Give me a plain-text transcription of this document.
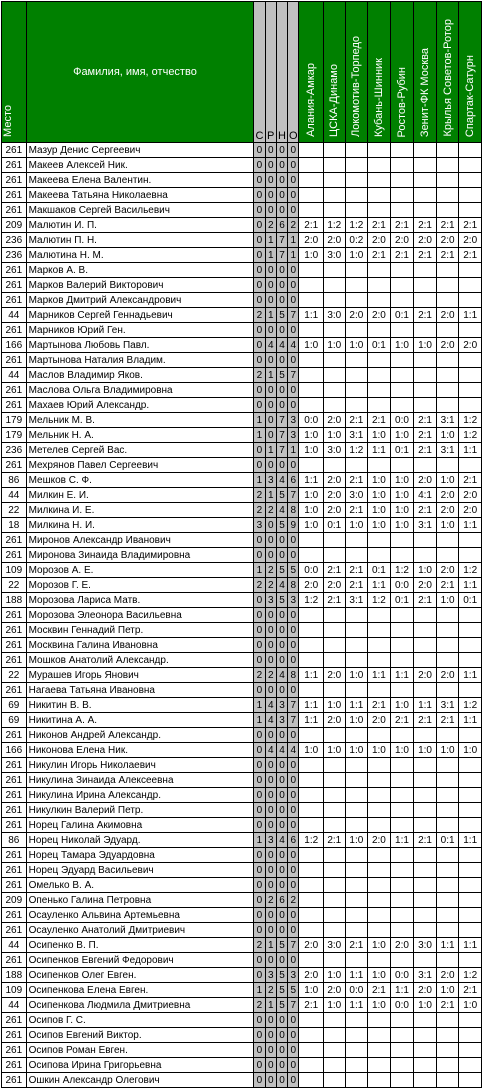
Место	Фамилия, имя, отчество	С	Р	Н	О	Алания-Амкар	ЦСКА-Динамо	Локомотив-Торпедо	Кубань-Шинник	Ростов-Рубин	Зенит-ФК Москва	Крылья Советов-Ротор	Спартак-Сатурн
261	Мазур Денис Сергеевич	0	0	0	0								
261	Макеев Алексей Ник.	0	0	0	0								
261	Макеева Елена Валентин.	0	0	0	0								
261	Макеева Татьяна Николаевна	0	0	0	0								
261	Макшаков Сергей Васильевич	0	0	0	0								
209	Малютин И. П.	0	2	6	2	2:1	1:2	1:2	2:1	2:1	2:1	2:1	2:1
236	Малютин П. Н.	0	1	7	1	2:0	2:0	0:2	2:0	2:0	2:0	2:0	2:0
236	Малютина Н. М.	0	1	7	1	1:0	3:0	1:0	2:1	2:1	2:1	2:1	2:1
261	Марков А. В.	0	0	0	0								
261	Марков Валерий Викторович	0	0	0	0								
261	Марков Дмитрий Александрович	0	0	0	0								
44	Марников Сергей Геннадьевич	2	1	5	7	1:1	3:0	2:0	2:0	0:1	2:1	2:0	1:1
261	Марников Юрий Ген.	0	0	0	0								
166	Мартынова Любовь Павл.	0	4	4	4	1:0	1:0	1:0	0:1	1:0	1:0	2:0	2:0
261	Мартынова Наталия Владим.	0	0	0	0								
44	Маслов Владимир Яков.	2	1	5	7								
261	Маслова Ольга Владимировна	0	0	0	0								
261	Махаев Юрий Александр.	0	0	0	0								
179	Мельник М. В.	1	0	7	3	0:0	2:0	2:1	2:1	0:0	2:1	3:1	1:2
179	Мельник Н. А.	1	0	7	3	1:0	1:0	3:1	1:0	1:0	2:1	1:0	1:2
236	Метелев Сергей Вас.	0	1	7	1	1:0	3:0	1:2	1:1	0:1	2:1	3:1	1:1
261	Мехрянов Павел Сергеевич	0	0	0	0								
86	Мешков С. Ф.	1	3	4	6	1:1	2:0	2:1	1:0	1:0	2:0	1:0	2:1
44	Милкин Е. И.	2	1	5	7	1:0	2:0	3:0	1:0	1:0	4:1	2:0	2:0
22	Милкина И. Е.	2	2	4	8	1:0	2:0	2:1	1:0	1:0	2:1	2:0	2:0
18	Милкина Н. И.	3	0	5	9	1:0	0:1	1:0	1:0	1:0	3:1	1:0	1:1
261	Миронов Александр Иванович	0	0	0	0								
261	Миронова Зинаида Владимировна	0	0	0	0								
109	Морозов А. Е.	1	2	5	5	0:0	2:1	2:1	0:1	1:2	1:0	2:0	1:2
22	Морозов Г. Е.	2	2	4	8	2:0	2:0	2:1	1:1	0:0	2:0	2:1	1:1
188	Морозова Лариса Матв.	0	3	5	3	1:2	2:1	3:1	1:2	0:1	2:1	1:0	0:1
261	Морозова Элеонора Васильевна	0	0	0	0								
261	Москвин Геннадий Петр.	0	0	0	0								
261	Москвина Галина Ивановна	0	0	0	0								
261	Мошков Анатолий Александр.	0	0	0	0								
22	Мурашев Игорь Янович	2	2	4	8	1:1	2:0	1:0	1:1	1:1	2:0	2:0	1:1
261	Нагаева Татьяна Ивановна	0	0	0	0								
69	Никитин В. В.	1	4	3	7	1:1	1:0	1:1	2:1	1:0	1:1	3:1	1:2
69	Никитина А. А.	1	4	3	7	1:1	2:0	1:0	2:0	2:1	2:1	2:1	1:1
261	Никонов Андрей Александр.	0	0	0	0								
166	Никонова Елена Ник.	0	4	4	4	1:0	1:0	1:0	1:0	1:0	1:0	1:0	1:0
261	Никулин Игорь Николаевич	0	0	0	0								
261	Никулина Зинаида Алексеевна	0	0	0	0								
261	Никулина Ирина Александр.	0	0	0	0								
261	Никулкин Валерий Петр.	0	0	0	0								
261	Норец Галина Акимовна	0	0	0	0								
86	Норец Николай Эдуард.	1	3	4	6	1:2	2:1	1:0	2:0	1:1	2:1	0:1	1:1
261	Норец Тамара Эдуардовна	0	0	0	0								
261	Норец Эдуард Васильевич	0	0	0	0								
261	Омелько В. А.	0	0	0	0								
209	Опенько Галина Петровна	0	2	6	2								
261	Осауленко Альвина Артемьевна	0	0	0	0								
261	Осауленко Анатолий Дмитриевич	0	0	0	0								
44	Осипенко В. П.	2	1	5	7	2:0	3:0	2:1	1:0	2:0	3:0	1:1	1:1
261	Осипенков Евгений Федорович	0	0	0	0								
188	Осипенков Олег Евген.	0	3	5	3	2:0	1:0	1:1	1:0	0:0	3:1	2:0	1:2
109	Осипенкова Елена Евген.	1	2	5	5	1:0	2:0	0:0	2:1	1:1	2:0	1:0	2:1
44	Осипенкова Людмила Дмитриевна	2	1	5	7	2:1	1:0	1:1	1:0	0:0	1:0	2:1	1:0
261	Осипов Г. С.	0	0	0	0								
261	Осипов Евгений Виктор.	0	0	0	0								
261	Осипов Роман Евген.	0	0	0	0								
261	Осипова Ирина Григорьевна	0	0	0	0								
261	Ошкин Александр Олегович	0	0	0	0								
